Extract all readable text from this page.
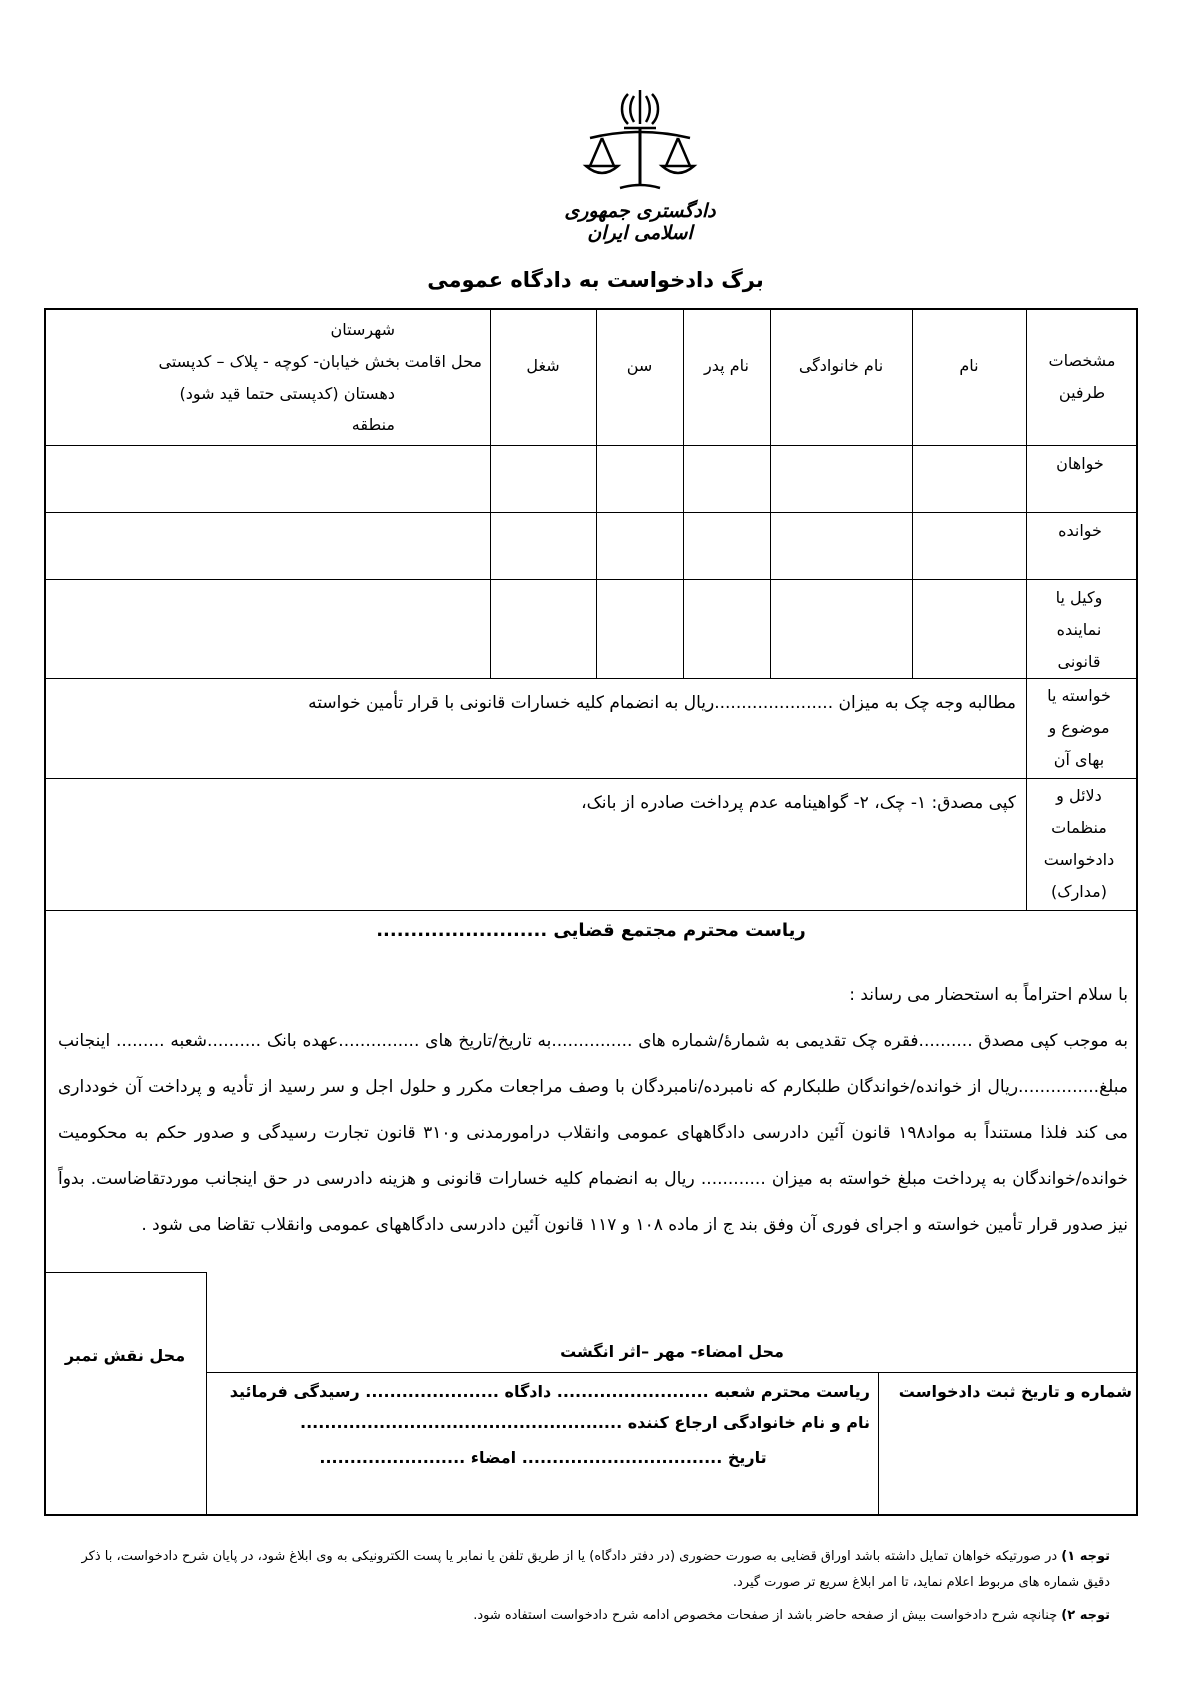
دادگستری جمهوری اسلامی ایران
برگ دادخواست به دادگاه عمومی
مشخصات طرفین
نام
نام خانوادگی
نام پدر
سن
شغل
محل اقامت
شهرستان
بخش خیابان- کوچه - پلاک – کدپستی
دهستان (کدپستی حتما قید شود)
منطقه
خواهان
خوانده
وکیل یا نماینده قانونی
خواسته یا موضوع و بهای آن
مطالبه وجه چک به میزان ......................ریال به انضمام کلیه خسارات قانونی با قرار تأمین خواسته
دلائل و منظمات دادخواست (مدارک)
کپی مصدق: ۱- چک، ۲- گواهینامه عدم پرداخت صادره از بانک،
ریاست محترم مجتمع قضایی .........................
با سلام احتراماً به استحضار می رساند :
به موجب کپی مصدق ..........فقره چک تقدیمی به شمارهٔ/شماره های ...............به تاریخ/تاریخ های ...............عهده بانک ..........شعبه ......... اینجانب مبلغ...............ریال از خوانده/خواندگان طلبکارم که نامبرده/نامبردگان با وصف مراجعات مکرر و حلول اجل و سر رسید از تأدیه و پرداخت آن خودداری می کند فلذا مستنداً به مواد۱۹۸ قانون آئین دادرسی دادگاههای عمومی وانقلاب درامورمدنی و۳۱۰ قانون تجارت رسیدگی و صدور حکم به محکومیت خوانده/خواندگان به پرداخت مبلغ خواسته به میزان ............ ریال به انضمام کلیه خسارات قانونی و هزینه دادرسی در حق اینجانب موردتقاضاست. بدواً نیز صدور قرار تأمین خواسته و اجرای فوری آن وفق بند ج از ماده ۱۰۸ و ۱۱۷ قانون آئین دادرسی دادگاههای عمومی وانقلاب تقاضا می شود .
محل نقش تمبر	محل امضاء- مهر –اثر انگشت
شماره و تاریخ ثبت دادخواست
ریاست محترم شعبه ......................... دادگاه ...................... رسیدگی فرمائید
نام و نام خانوادگی ارجاع کننده .....................................................
تاریخ ................................. امضاء ........................
توجه ۱) در صورتیکه خواهان تمایل داشته باشد اوراق قضایی به صورت حضوری (در دفتر دادگاه) یا از طریق تلفن یا نمابر یا پست الکترونیکی به وی ابلاغ شود، در پایان شرح دادخواست، با ذکر دقیق شماره های مربوط اعلام نماید، تا امر ابلاغ سریع تر صورت گیرد.
توجه ۲) چنانچه شرح دادخواست بیش از صفحه حاضر باشد از صفحات مخصوص ادامه شرح دادخواست استفاده شود.
